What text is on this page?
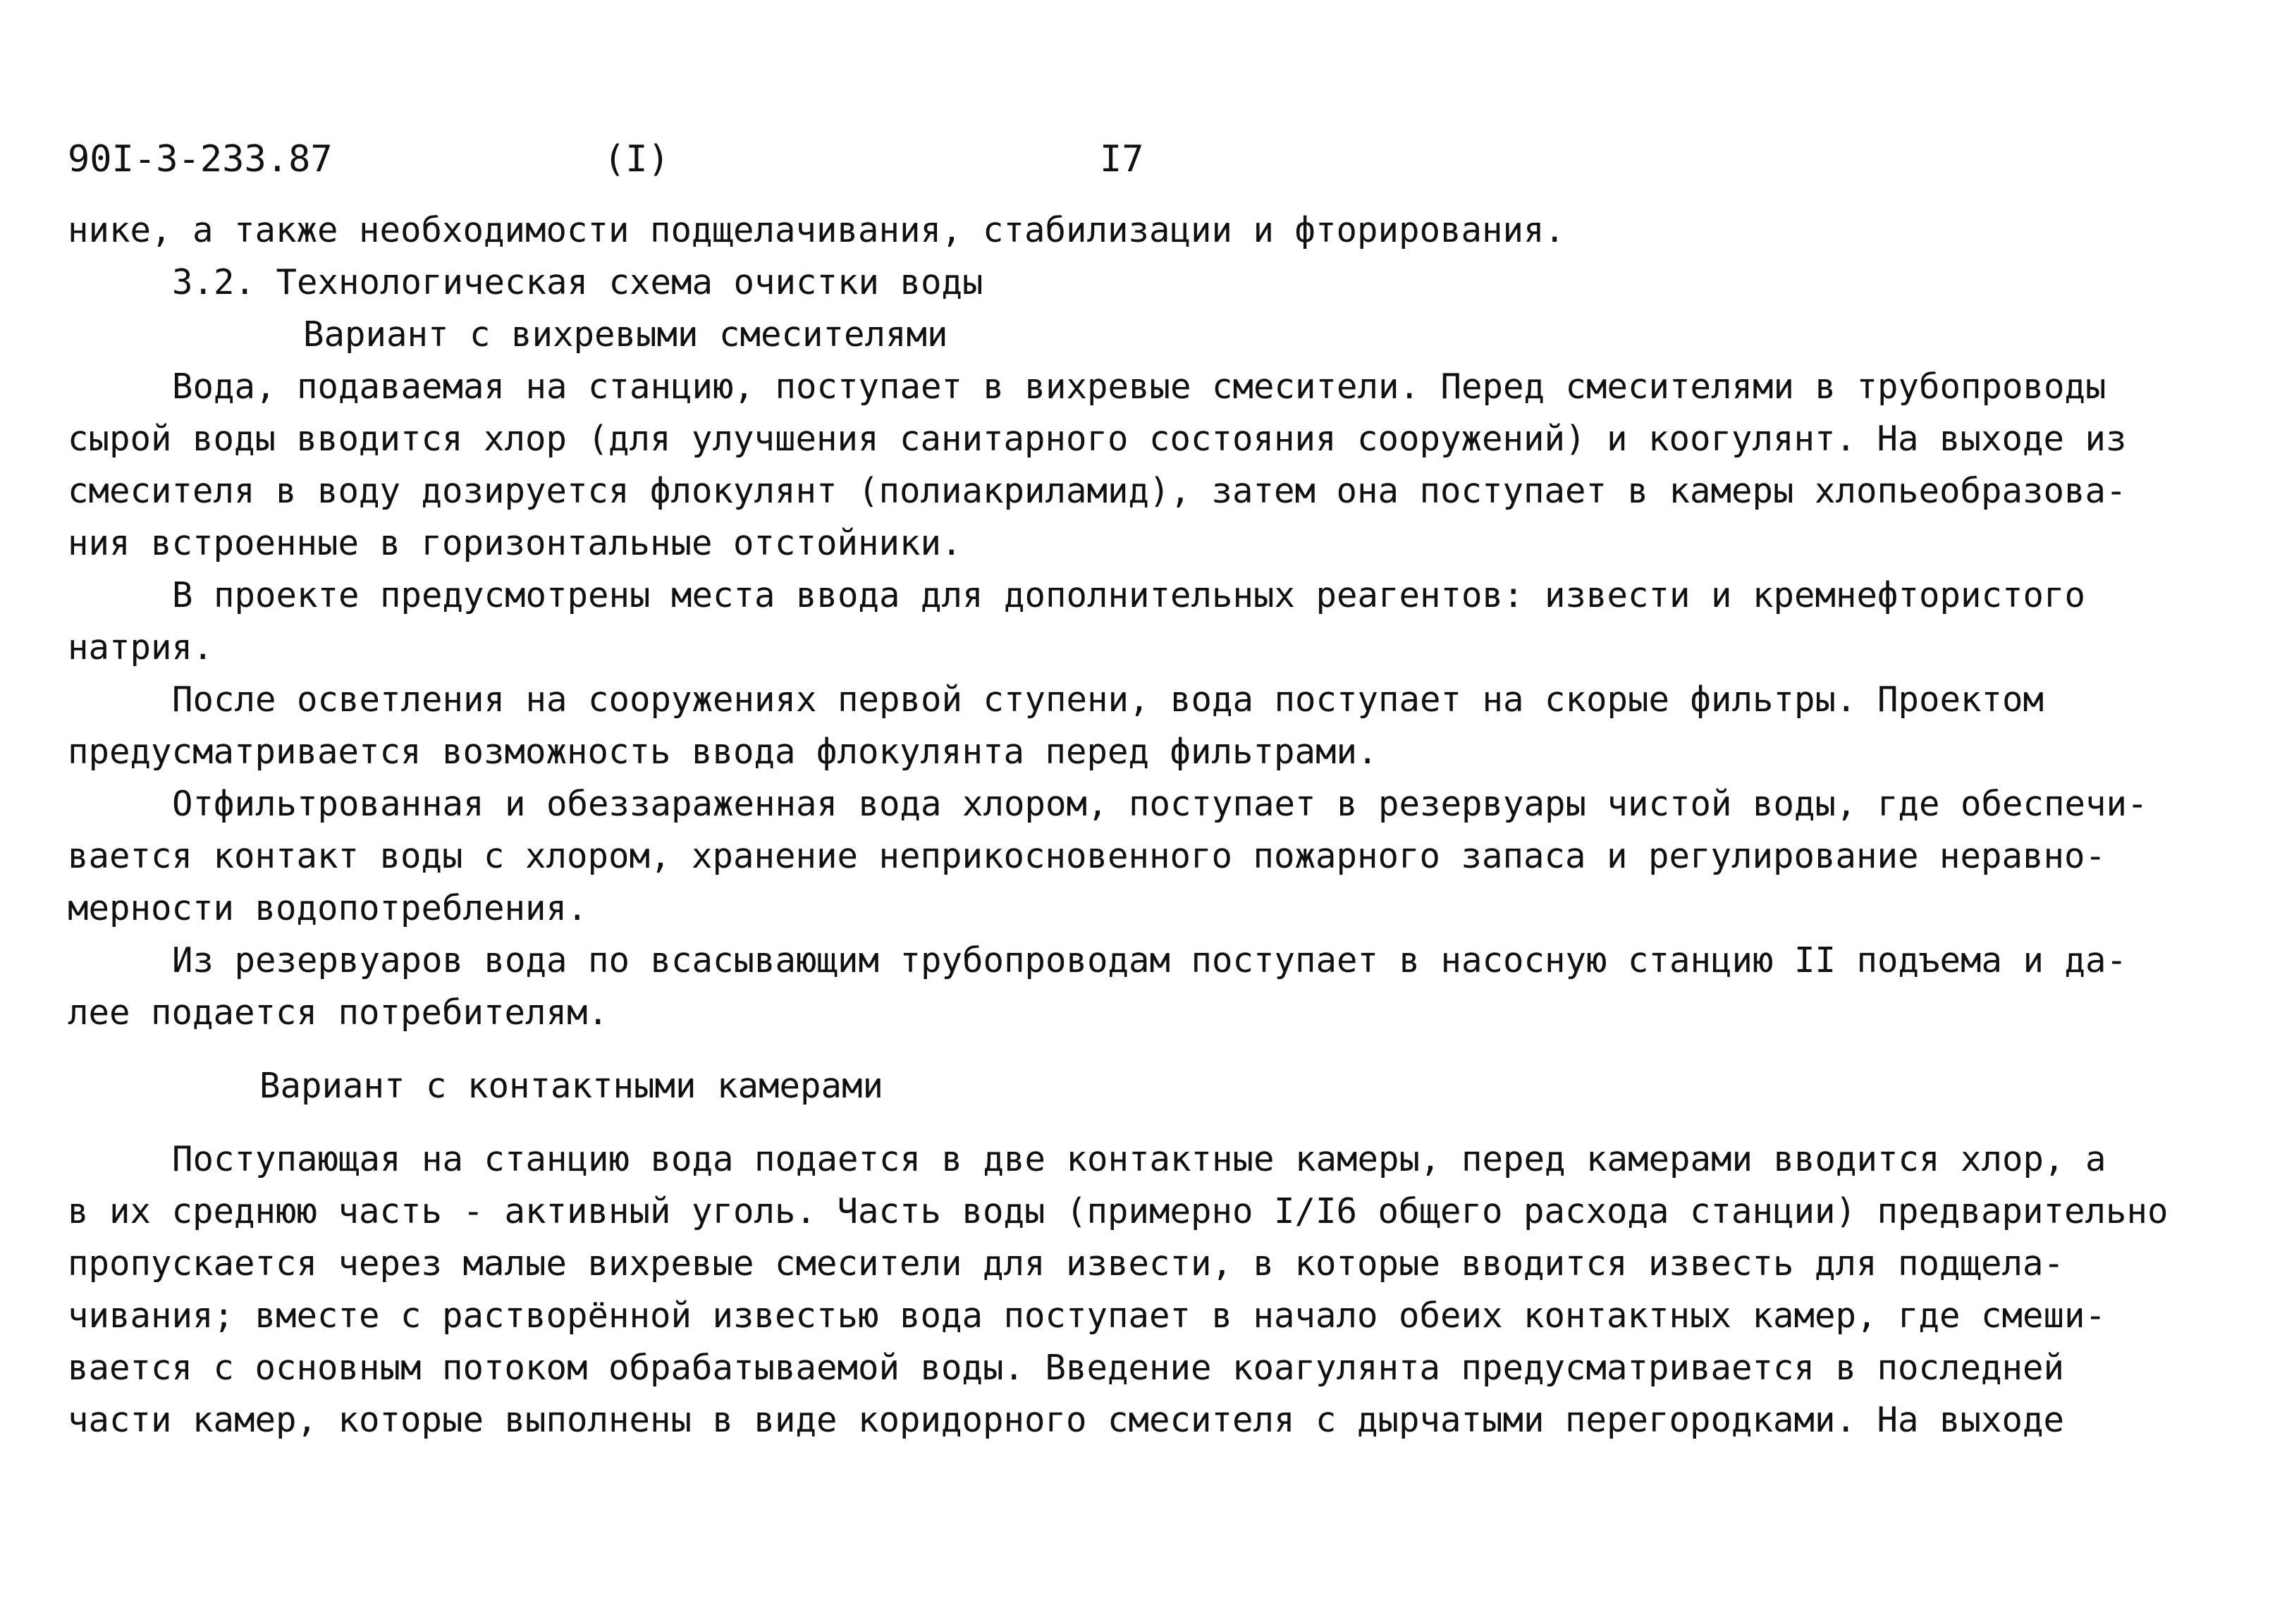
90I-3-233.87	(I)	I7
нике, а также необходимости подщелачивания, стабилизации и фторирования.
3.2. Технологическая схема очистки воды
Вариант с вихревыми смесителями
Вода, подаваемая на станцию, поступает в вихревые смесители. Перед смесителями в трубопроводы
сырой воды вводится хлор (для улучшения санитарного состояния сооружений) и коогулянт. На выходе из
смесителя в воду дозируется флокулянт (полиакриламид), затем она поступает в камеры хлопьеобразова-
ния встроенные в горизонтальные отстойники.
В проекте предусмотрены места ввода для дополнительных реагентов: извести и кремнефтористого
натрия.
После осветления на сооружениях первой ступени, вода поступает на скорые фильтры. Проектом
предусматривается возможность ввода флокулянта перед фильтрами.
Отфильтрованная и обеззараженная вода хлором, поступает в резервуары чистой воды, где обеспечи-
вается контакт воды с хлором, хранение неприкосновенного пожарного запаса и регулирование неравно-
мерности водопотребления.
Из резервуаров вода по всасывающим трубопроводам поступает в насосную станцию II подъема и да-
лее подается потребителям.
Вариант с контактными камерами
Поступающая на станцию вода подается в две контактные камеры, перед камерами вводится хлор, а
в их среднюю часть - активный уголь. Часть воды (примерно I/I6 общего расхода станции) предварительно
пропускается через малые вихревые смесители для извести, в которые вводится известь для подщела-
чивания; вместе с растворённой известью вода поступает в начало обеих контактных камер, где смеши-
вается с основным потоком обрабатываемой воды. Введение коагулянта предусматривается в последней
части камер, которые выполнены в виде коридорного смесителя с дырчатыми перегородками. На выходе
